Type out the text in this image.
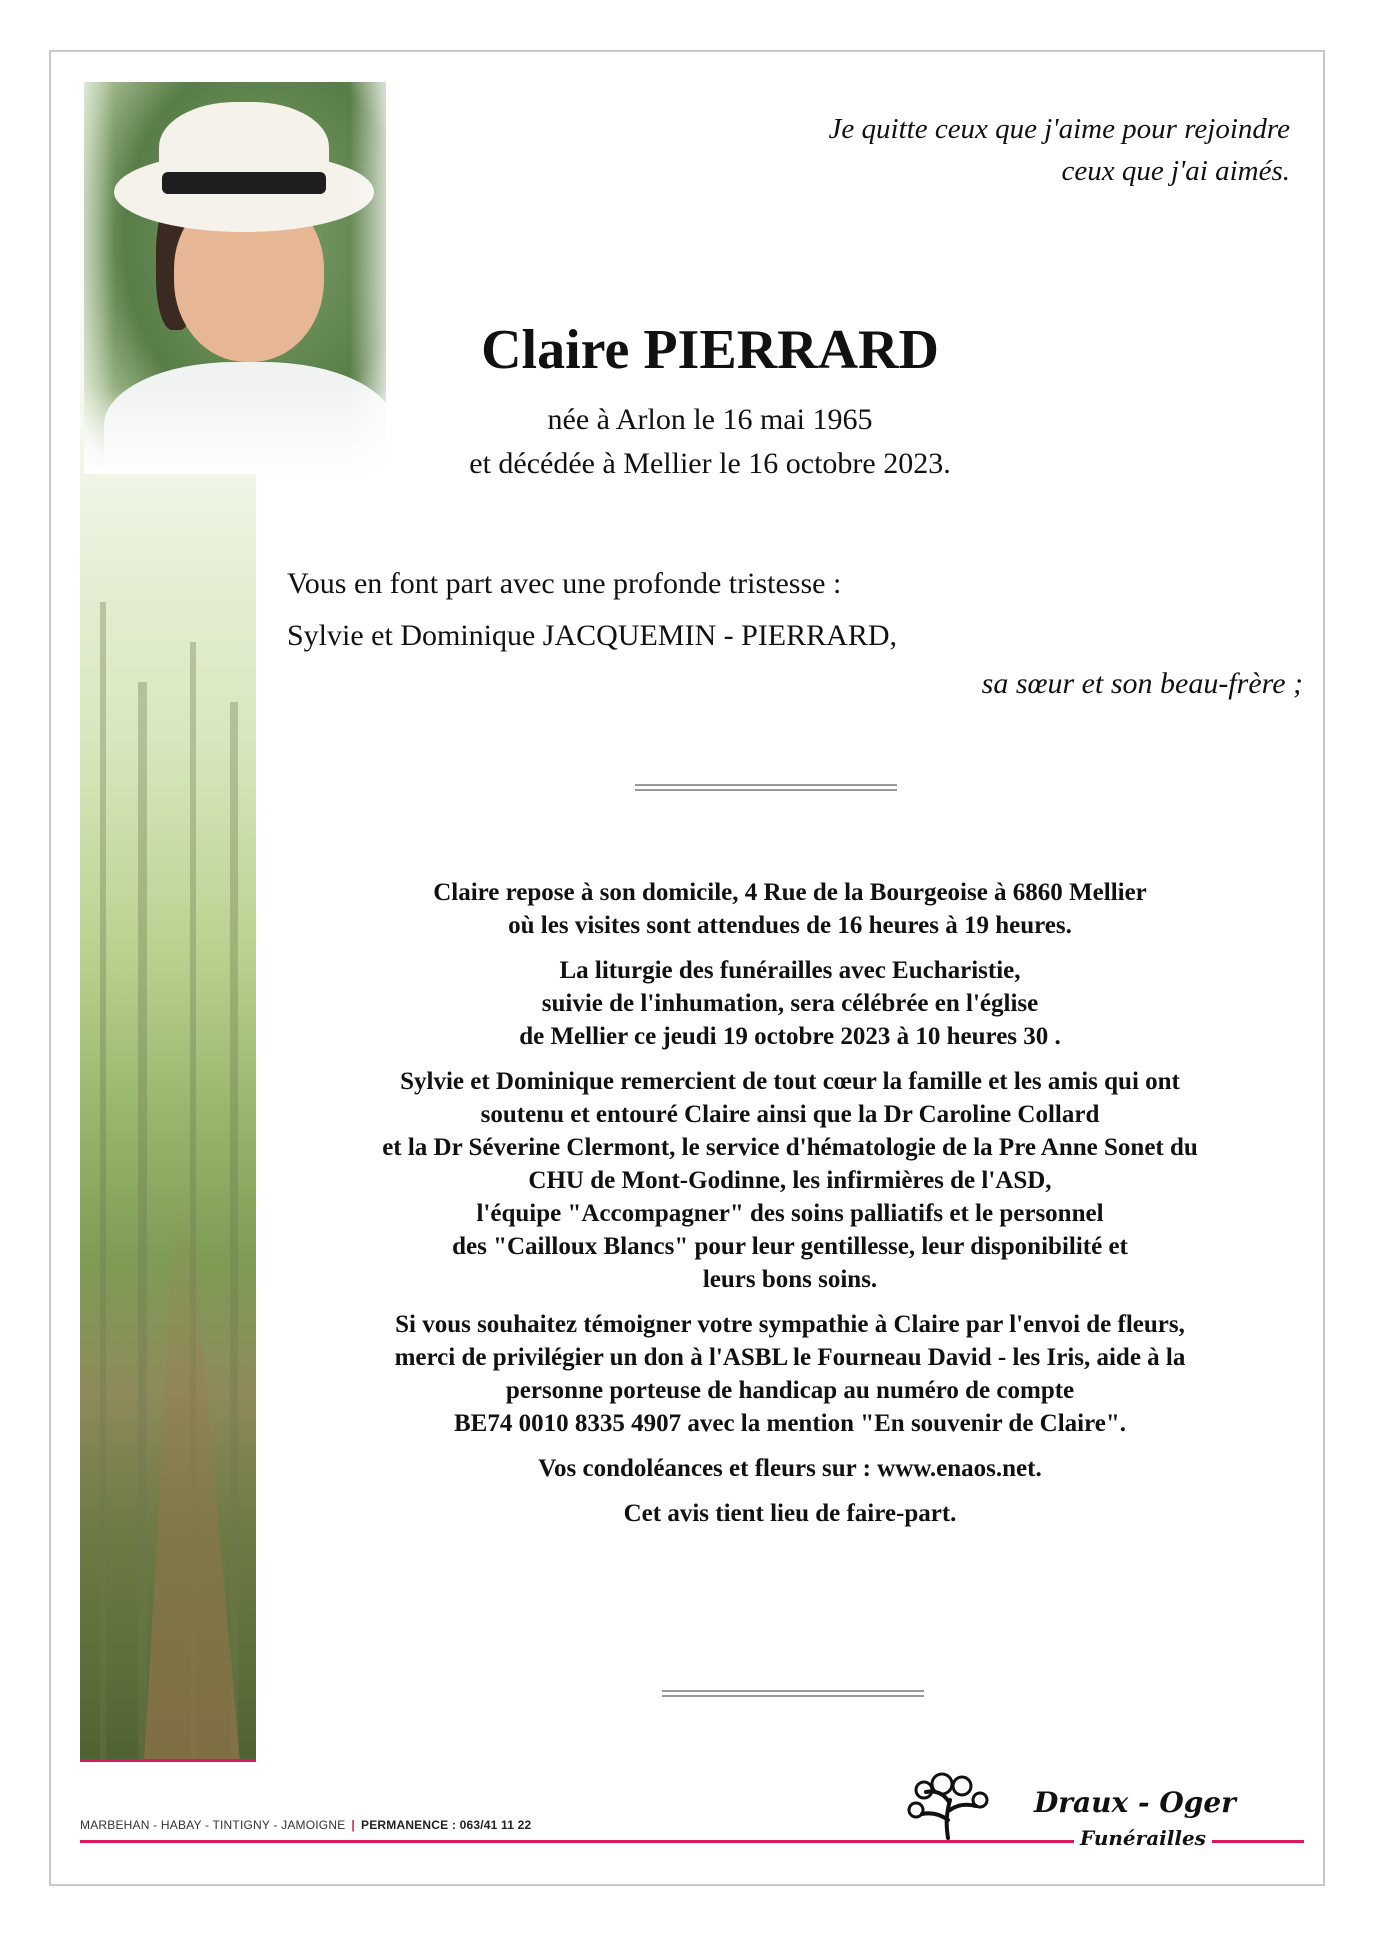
Je quitte ceux que j'aime pour rejoindre
ceux que j'ai aimés.
Claire PIERRARD
née à Arlon le 16 mai 1965
et décédée à Mellier le 16 octobre 2023.
Vous en font part avec une profonde tristesse :
Sylvie et Dominique JACQUEMIN - PIERRARD,
sa sœur et son beau-frère ;

Claire repose à son domicile, 4 Rue de la Bourgeoise à 6860 Mellier
où les visites sont attendues de 16 heures à 19 heures.

La liturgie des funérailles avec Eucharistie,
suivie de l'inhumation, sera célébrée en l'église
de Mellier ce jeudi 19 octobre 2023 à 10 heures 30 .

Sylvie et Dominique remercient de tout cœur la famille et les amis qui ont
soutenu et entouré Claire ainsi que la Dr Caroline Collard
et la Dr Séverine Clermont, le service d'hématologie de la Pre Anne Sonet du
CHU de Mont-Godinne, les infirmières de l'ASD,
l'équipe "Accompagner" des soins palliatifs et le personnel
des "Cailloux Blancs" pour leur gentillesse, leur disponibilité et
leurs bons soins.

Si vous souhaitez témoigner votre sympathie à Claire par l'envoi de fleurs,
merci de privilégier un don à l'ASBL le Fourneau David - les Iris, aide à la
personne porteuse de handicap au numéro de compte
BE74 0010 8335 4907 avec la mention "En souvenir de Claire".

Vos condoléances et fleurs sur : www.enaos.net.

Cet avis tient lieu de faire-part.

MARBEHAN - HABAY - TINTIGNY - JAMOIGNE | PERMANENCE : 063/41 11 22
Draux - Oger
Funérailles
